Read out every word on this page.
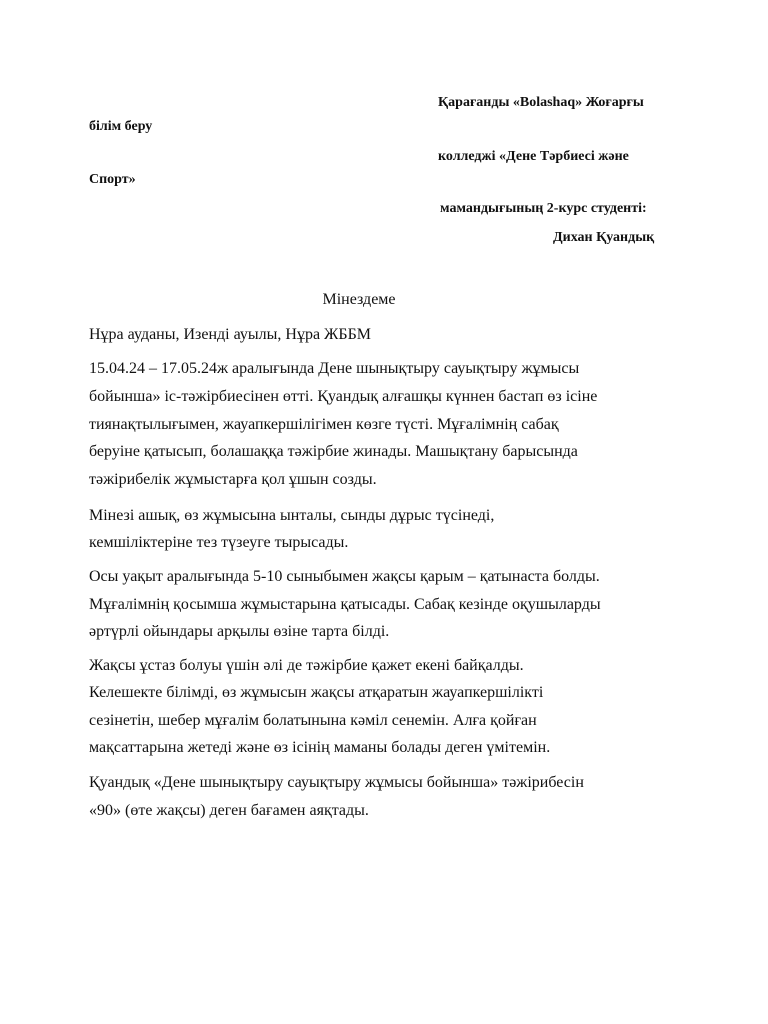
Қарағанды «Bolashaq» Жоғарғы
білім беру
колледжі «Дене Тәрбиесі және
Спорт»
мамандығының 2-курс студенті:
Дихан Қуандық
Мінездеме
Нұра ауданы, Изенді ауылы, Нұра ЖББМ
15.04.24 – 17.05.24ж аралығында Дене шынықтыру сауықтыру жұмысы
бойынша» іс-тәжірбиесінен өтті. Қуандық алғашқы күннен бастап өз ісіне
тиянақтылығымен, жауапкершілігімен көзге түсті. Мұғалімнің сабақ
беруіне қатысып, болашаққа тәжірбие жинады. Машықтану барысында
тәжірибелік жұмыстарға қол ұшын созды.
Мінезі ашық, өз жұмысына ынталы, сынды дұрыс түсінеді,
кемшіліктеріне тез түзеуге тырысады.
Осы уақыт аралығында 5-10 сыныбымен жақсы қарым – қатынаста болды.
Мұғалімнің қосымша жұмыстарына қатысады. Сабақ кезінде оқушыларды
әртүрлі ойындары арқылы өзіне тарта білді.
Жақсы ұстаз болуы үшін әлі де тәжірбие қажет екені байқалды.
Келешекте білімді, өз жұмысын жақсы атқаратын жауапкершілікті
сезінетін, шебер мұғалім болатынына кәміл сенемін. Алға қойған
мақсаттарына жетеді және өз ісінің маманы болады деген үмітемін.
Қуандық «Дене шынықтыру сауықтыру жұмысы бойынша» тәжірибесін
«90» (өте жақсы) деген бағамен аяқтады.
